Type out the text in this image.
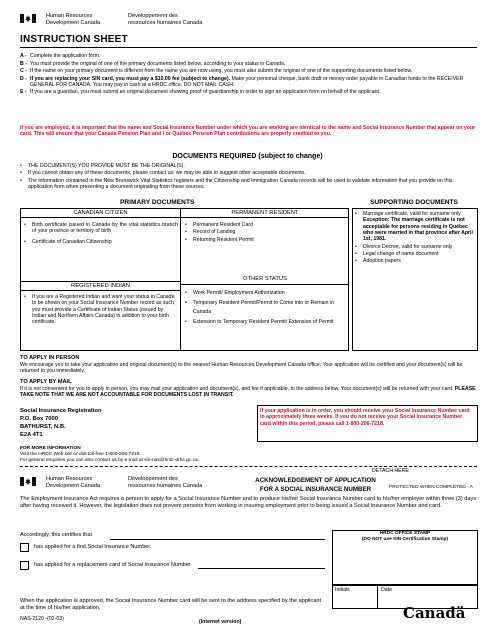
Human Resources
Development Canada
Développement des
ressources humaines Canada
INSTRUCTION SHEET
A - Complete the application form.
B - You must provide the original of one of the primary documents listed below, according to your status in Canada.
C - If the name on your primary document is different from the name you are now using, you must also submit the original of one of the supporting documents listed below.
D - If you are replacing your SIN card, you must pay a $10.00 fee (subject to change). Make your personal cheque, bank draft or money order payable in Canadian funds to the RECEIVER GENERAL FOR CANADA. You may pay in cash at a HRDC office. DO NOT MAIL CASH.
E - If you are a guardian, you must submit an original document showing proof of guardianship in order to sign an application form on behalf of the applicant.
If you are employed, it is important that the name and Social Insurance Number under which you are working are identical to the name and Social Insurance Number that appear on your card. This will ensure that your Canada Pension Plan and / or Québec Pension Plan contributions are properly credited to you.
DOCUMENTS REQUIRED (subject to change)
•	THE DOCUMENT(S) YOU PROVIDE MUST BE THE ORIGINAL(S).
•	If you cannot obtain any of these documents, please contact us; we may be able to suggest other acceptable documents.
•	The information contained in the New Brunswick Vital Statistics registers and the Citizenship and Immigration Canada records will be used to validate information that you provide on this application form when presenting a document originating from these sources.
PRIMARY DOCUMENTS	SUPPORTING DOCUMENTS
CANADIAN CITIZEN	PERMANENT RESIDENT
•	Birth certificate issued in Canada by the vital statistics branch of your province or territory of birth
•	Certificate of Canadian Citizenship
•	Permanent Resident Card
•	Record of Landing
•	Returning Resident Permit
REGISTERED INDIAN
•	If you are a Registered Indian and want your status in Canada to be shown on your Social Insurance Number record as such, you must provide a Certificate of Indian Status (issued by Indian and Northern Affairs Canada) in addition to your birth certificate.
OTHER STATUS
•	Work Permit/ Employment Authorization
•	Temporary Resident Permit/Permit to Come into or Remain in Canada
•	Extension to Temporary Resident Permit/ Extension of Permit
•	Marriage certificate, valid for surname only
Exception: The marriage certificate is not acceptable for persons residing in Québec who were married in that province after April 1st, 1981.
•	Divorce Decree, valid for surname only
•	Legal change of name document
•	Adoption papers
TO APPLY IN PERSON
We encourage you to take your application and original document(s) to the nearest Human Resources Development Canada office. Your application will be certified and your document(s) will be returned to you immediately.
TO APPLY BY MAIL
If it is not convenient for you to apply in person, you may mail your application and document(s), and fee if applicable, to the address below. Your document(s) will be returned with your card. PLEASE TAKE NOTE THAT WE ARE NOT ACCOUNTABLE FOR DOCUMENTS LOST IN TRANSIT.
Social Insurance Registration
P.O. Box 7000
BATHURST, N.B.
E2A 4T1
If your application is in order, you should receive your Social Insurance Number card in approximately three weeks. If you do not receive your Social Insurance Number card within this period, please call 1-800-206-7218.
FOR MORE INFORMATION
Visit the HRDC Web site or dial toll-free 1-800-206-7218.
For general enquiries you can also contact us by e-mail at sin-nas@hrdc-drhc.gc.ca.
DETACH HERE
Human Resources
Development Canada
Développement des
ressources humaines Canada
ACKNOWLEDGEMENT OF APPLICATION
FOR A SOCIAL INSURANCE NUMBER	PROTECTED WHEN COMPLETED - A
The Employment Insurance Act requires a person to apply for a Social Insurance Number and to produce his/her Social Insurance Number card to his/her employer within three (3) days after having received it. However, the legislation does not prevent persons from working in insuring employment prior to being issued a Social Insurance Number and card.
Accordingly, this certifies that
has applied for a first Social Insurance Number.
has applied for a replacement card of Social Insurance Number
HRDC OFFICE STAMP
(DO NOT use SIN Certification Stamp)
Initials	Date
When the application is approved, the Social Insurance Number card will be sent to the address specified by the applicant at the time of his/her application.
NAS-2120 -(02-03)	(Internet version)	Canadä
